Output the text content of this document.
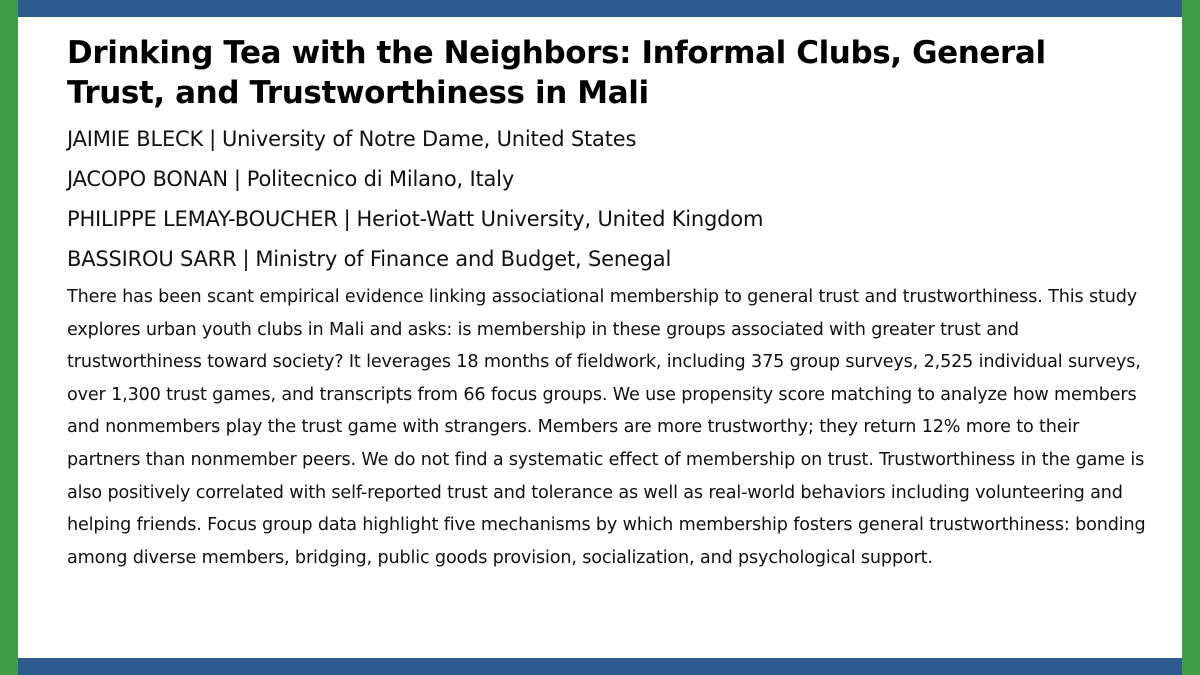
Drinking Tea with the Neighbors: Informal Clubs, General Trust, and Trustworthiness in Mali
JAIMIE BLECK | University of Notre Dame, United States
JACOPO BONAN | Politecnico di Milano, Italy
PHILIPPE LEMAY-BOUCHER | Heriot-Watt University, United Kingdom
BASSIROU SARR | Ministry of Finance and Budget, Senegal

There has been scant empirical evidence linking associational membership to general trust and trustworthiness. This study explores urban youth clubs in Mali and asks: is membership in these groups associated with greater trust and trustworthiness toward society? It leverages 18 months of fieldwork, including 375 group surveys, 2,525 individual surveys, over 1,300 trust games, and transcripts from 66 focus groups. We use propensity score matching to analyze how members and nonmembers play the trust game with strangers. Members are more trustworthy; they return 12% more to their partners than nonmember peers. We do not find a systematic effect of membership on trust. Trustworthiness in the game is also positively correlated with self-reported trust and tolerance as well as real-world behaviors including volunteering and helping friends. Focus group data highlight five mechanisms by which membership fosters general trustworthiness: bonding among diverse members, bridging, public goods provision, socialization, and psychological support.
